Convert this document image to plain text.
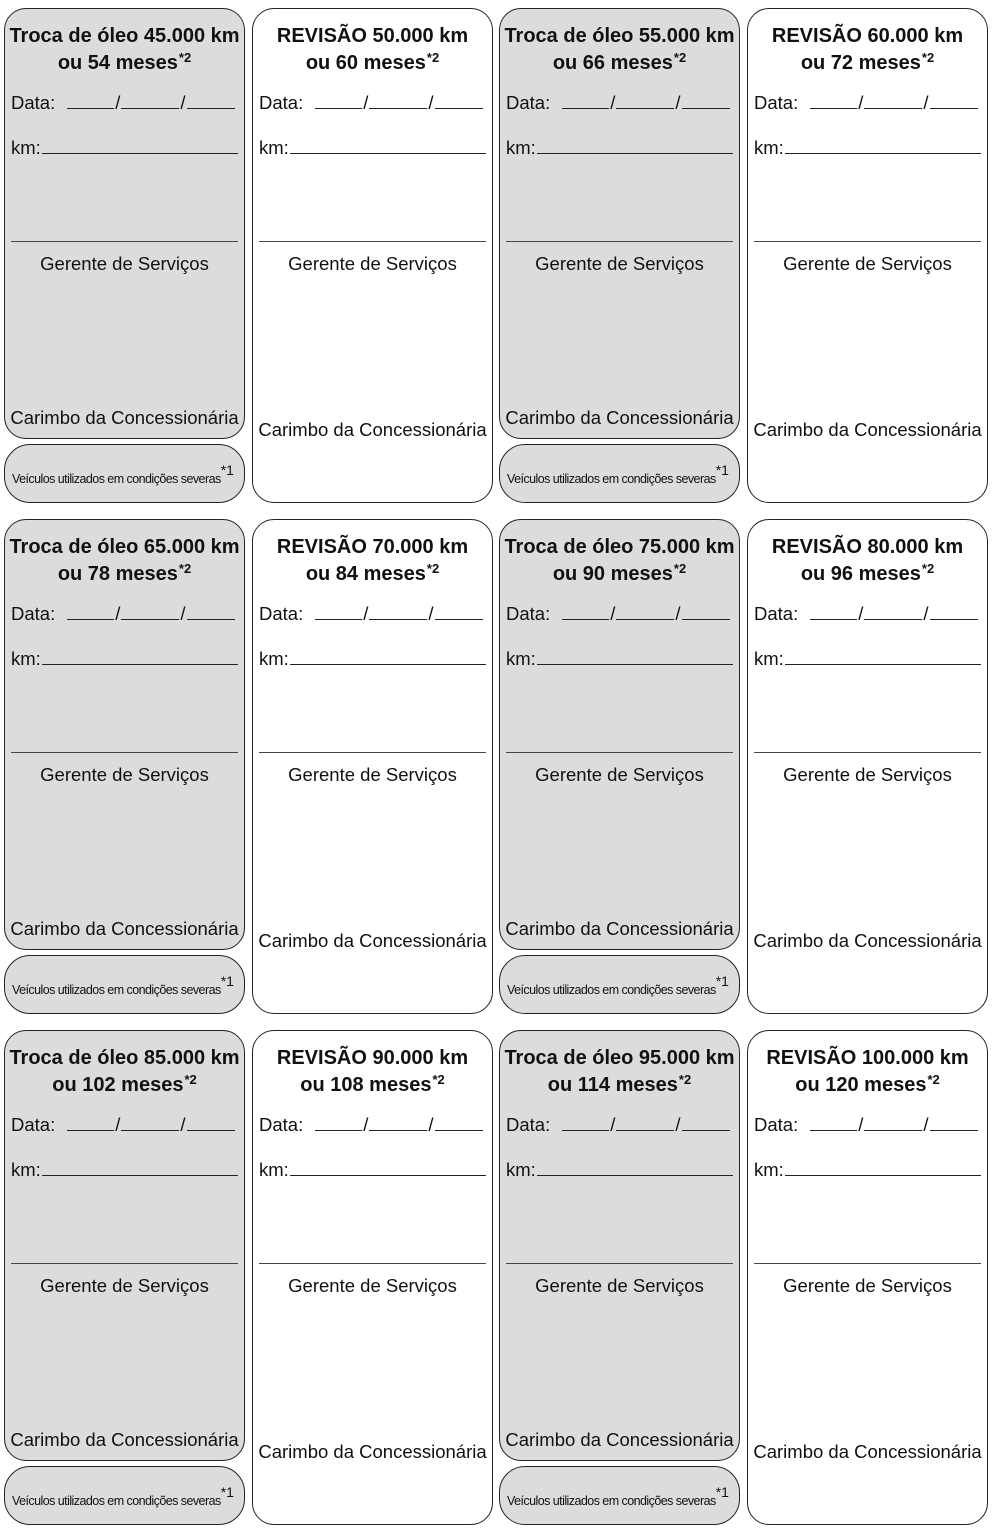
Troca de óleo 45.000 km
ou 54 meses$^{*2}$
Data:	/	/
km:
Gerente de Serviços
Carimbo da Concessionária
Veículos utilizados em condições severas$^{*1}$
REVISÃO 50.000 km
ou 60 meses$^{*2}$
Data:	/	/
km:
Gerente de Serviços
Carimbo da Concessionária
Troca de óleo 55.000 km
ou 66 meses$^{*2}$
Data:	/	/
km:
Gerente de Serviços
Carimbo da Concessionária
Veículos utilizados em condições severas$^{*1}$
REVISÃO 60.000 km
ou 72 meses$^{*2}$
Data:	/	/
km:
Gerente de Serviços
Carimbo da Concessionária
Troca de óleo 65.000 km
ou 78 meses$^{*2}$
Data:	/	/
km:
Gerente de Serviços
Carimbo da Concessionária
Veículos utilizados em condições severas$^{*1}$
REVISÃO 70.000 km
ou 84 meses$^{*2}$
Data:	/	/
km:
Gerente de Serviços
Carimbo da Concessionária
Troca de óleo 75.000 km
ou 90 meses$^{*2}$
Data:	/	/
km:
Gerente de Serviços
Carimbo da Concessionária
Veículos utilizados em condições severas$^{*1}$
REVISÃO 80.000 km
ou 96 meses$^{*2}$
Data:	/	/
km:
Gerente de Serviços
Carimbo da Concessionária
Troca de óleo 85.000 km
ou 102 meses$^{*2}$
Data:	/	/
km:
Gerente de Serviços
Carimbo da Concessionária
Veículos utilizados em condições severas$^{*1}$
REVISÃO 90.000 km
ou 108 meses$^{*2}$
Data:	/	/
km:
Gerente de Serviços
Carimbo da Concessionária
Troca de óleo 95.000 km
ou 114 meses$^{*2}$
Data:	/	/
km:
Gerente de Serviços
Carimbo da Concessionária
Veículos utilizados em condições severas$^{*1}$
REVISÃO 100.000 km
ou 120 meses$^{*2}$
Data:	/	/
km:
Gerente de Serviços
Carimbo da Concessionária
